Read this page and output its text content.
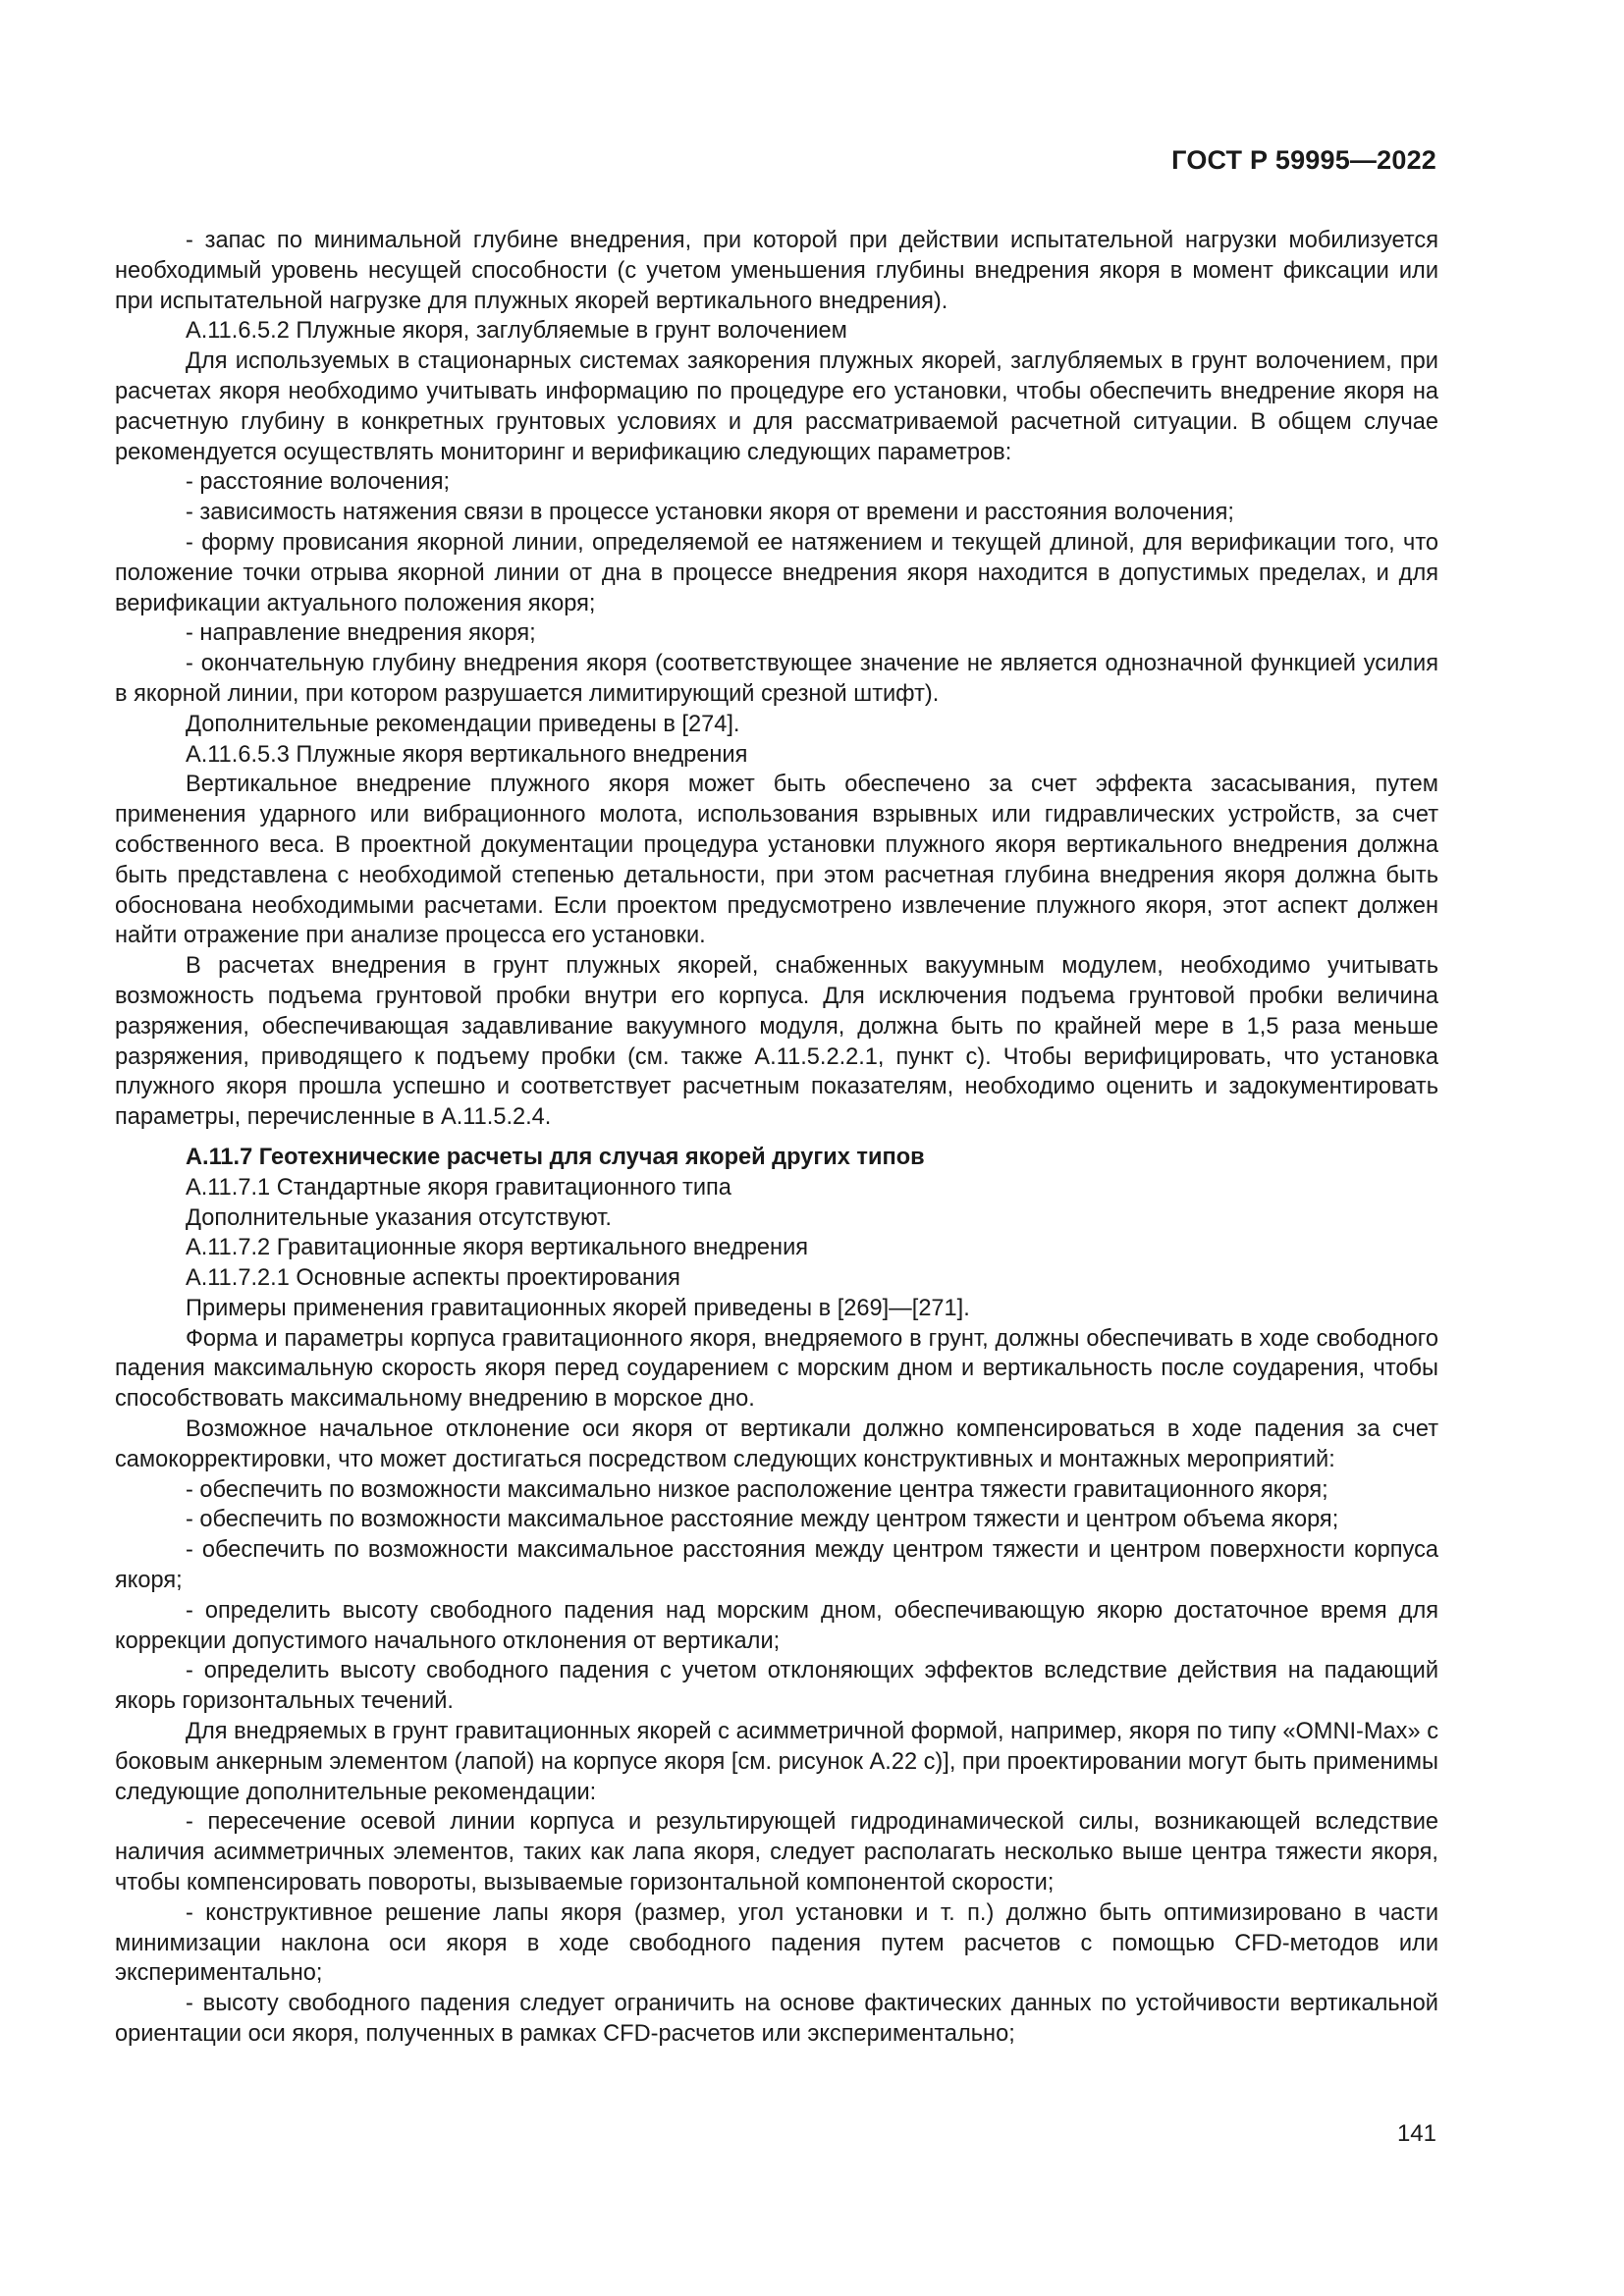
ГОСТ Р 59995—2022

- запас по минимальной глубине внедрения, при которой при действии испытательной нагрузки мобилизуется необходимый уровень несущей способности (с учетом уменьшения глубины внедрения якоря в момент фиксации или при испытательной нагрузке для плужных якорей вертикального внедрения).

А.11.6.5.2 Плужные якоря, заглубляемые в грунт волочением

Для используемых в стационарных системах заякорения плужных якорей, заглубляемых в грунт волочением, при расчетах якоря необходимо учитывать информацию по процедуре его установки, чтобы обеспечить внедрение якоря на расчетную глубину в конкретных грунтовых условиях и для рассматриваемой расчетной ситуации. В общем случае рекомендуется осуществлять мониторинг и верификацию следующих параметров:

- расстояние волочения;

- зависимость натяжения связи в процессе установки якоря от времени и расстояния волочения;

- форму провисания якорной линии, определяемой ее натяжением и текущей длиной, для верификации того, что положение точки отрыва якорной линии от дна в процессе внедрения якоря находится в допустимых пределах, и для верификации актуального положения якоря;

- направление внедрения якоря;

- окончательную глубину внедрения якоря (соответствующее значение не является однозначной функцией усилия в якорной линии, при котором разрушается лимитирующий срезной штифт).

Дополнительные рекомендации приведены в [274].

А.11.6.5.3 Плужные якоря вертикального внедрения

Вертикальное внедрение плужного якоря может быть обеспечено за счет эффекта засасывания, путем применения ударного или вибрационного молота, использования взрывных или гидравлических устройств, за счет собственного веса. В проектной документации процедура установки плужного якоря вертикального внедрения должна быть представлена с необходимой степенью детальности, при этом расчетная глубина внедрения якоря должна быть обоснована необходимыми расчетами. Если проектом предусмотрено извлечение плужного якоря, этот аспект должен найти отражение при анализе процесса его установки.

В расчетах внедрения в грунт плужных якорей, снабженных вакуумным модулем, необходимо учитывать возможность подъема грунтовой пробки внутри его корпуса. Для исключения подъема грунтовой пробки величина разряжения, обеспечивающая задавливание вакуумного модуля, должна быть по крайней мере в 1,5 раза меньше разряжения, приводящего к подъему пробки (см. также А.11.5.2.2.1, пункт с). Чтобы верифицировать, что установка плужного якоря прошла успешно и соответствует расчетным показателям, необходимо оценить и задокументировать параметры, перечисленные в А.11.5.2.4.

А.11.7 Геотехнические расчеты для случая якорей других типов

А.11.7.1 Стандартные якоря гравитационного типа

Дополнительные указания отсутствуют.

А.11.7.2 Гравитационные якоря вертикального внедрения

А.11.7.2.1 Основные аспекты проектирования

Примеры применения гравитационных якорей приведены в [269]—[271].

Форма и параметры корпуса гравитационного якоря, внедряемого в грунт, должны обеспечивать в ходе свободного падения максимальную скорость якоря перед соударением с морским дном и вертикальность после соударения, чтобы способствовать максимальному внедрению в морское дно.

Возможное начальное отклонение оси якоря от вертикали должно компенсироваться в ходе падения за счет самокорректировки, что может достигаться посредством следующих конструктивных и монтажных мероприятий:

- обеспечить по возможности максимально низкое расположение центра тяжести гравитационного якоря;

- обеспечить по возможности максимальное расстояние между центром тяжести и центром объема якоря;

- обеспечить по возможности максимальное расстояния между центром тяжести и центром поверхности корпуса якоря;

- определить высоту свободного падения над морским дном, обеспечивающую якорю достаточное время для коррекции допустимого начального отклонения от вертикали;

- определить высоту свободного падения с учетом отклоняющих эффектов вследствие действия на падающий якорь горизонтальных течений.

Для внедряемых в грунт гравитационных якорей с асимметричной формой, например, якоря по типу «OMNI-Max» с боковым анкерным элементом (лапой) на корпусе якоря [см. рисунок А.22 с)], при проектировании могут быть применимы следующие дополнительные рекомендации:

- пересечение осевой линии корпуса и результирующей гидродинамической силы, возникающей вследствие наличия асимметричных элементов, таких как лапа якоря, следует располагать несколько выше центра тяжести якоря, чтобы компенсировать повороты, вызываемые горизонтальной компонентой скорости;

- конструктивное решение лапы якоря (размер, угол установки и т. п.) должно быть оптимизировано в части минимизации наклона оси якоря в ходе свободного падения путем расчетов с помощью CFD-методов или экспериментально;

- высоту свободного падения следует ограничить на основе фактических данных по устойчивости вертикальной ориентации оси якоря, полученных в рамках CFD-расчетов или экспериментально;

141
